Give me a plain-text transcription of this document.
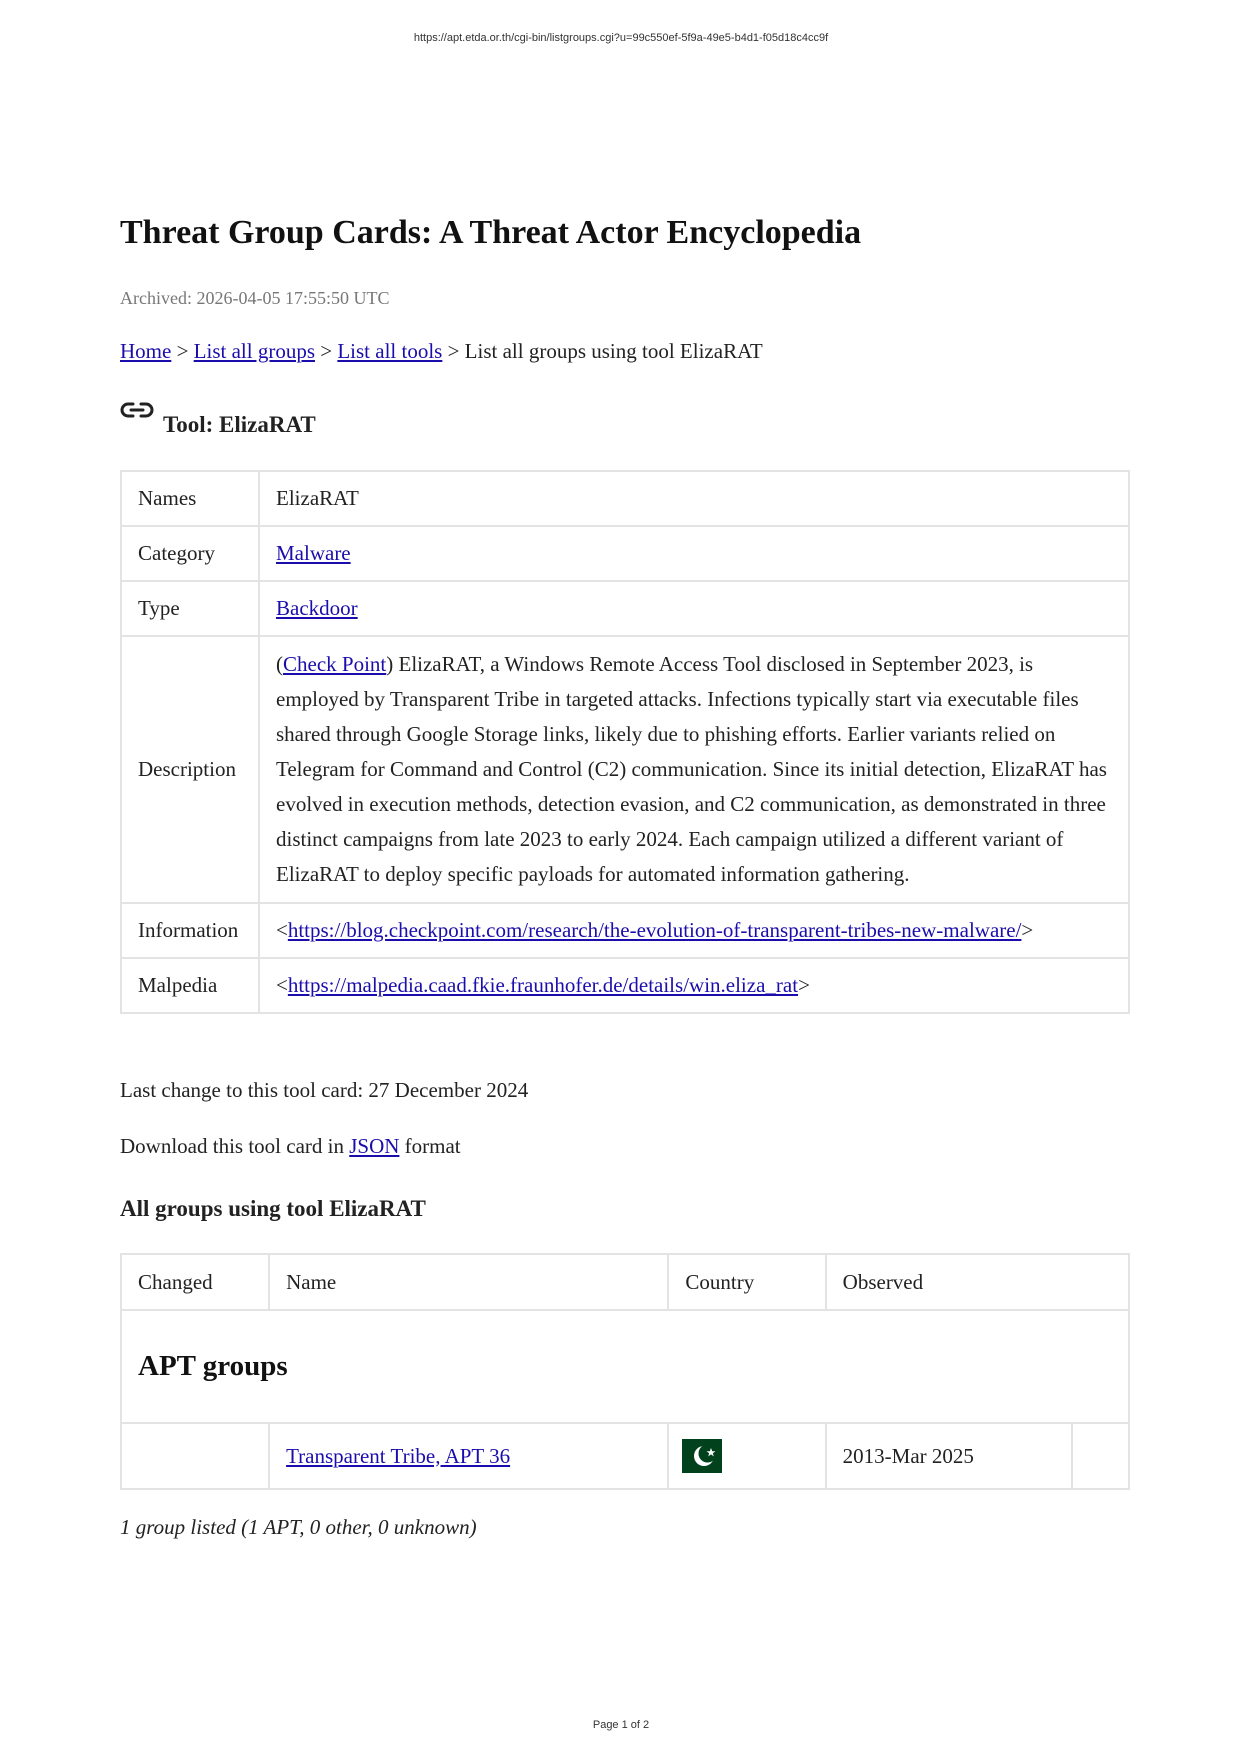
https://apt.etda.or.th/cgi-bin/listgroups.cgi?u=99c550ef-5f9a-49e5-b4d1-f05d18c4cc9f
Threat Group Cards: A Threat Actor Encyclopedia
Archived: 2026-04-05 17:55:50 UTC
Home > List all groups > List all tools > List all groups using tool ElizaRAT
Tool: ElizaRAT
Names	ElizaRAT
Category	Malware
Type	Backdoor
Description	(Check Point) ElizaRAT, a Windows Remote Access Tool disclosed in September 2023, is employed by Transparent Tribe in targeted attacks. Infections typically start via executable files shared through Google Storage links, likely due to phishing efforts. Earlier variants relied on Telegram for Command and Control (C2) communication. Since its initial detection, ElizaRAT has evolved in execution methods, detection evasion, and C2 communication, as demonstrated in three distinct campaigns from late 2023 to early 2024. Each campaign utilized a different variant of ElizaRAT to deploy specific payloads for automated information gathering.
Information	<https://blog.checkpoint.com/research/the-evolution-of-transparent-tribes-new-malware/>
Malpedia	<https://malpedia.caad.fkie.fraunhofer.de/details/win.eliza_rat>
Last change to this tool card: 27 December 2024
Download this tool card in JSON format
All groups using tool ElizaRAT
Changed	Name	Country	Observed	
APT groups				
	Transparent Tribe, APT 36		2013-Mar 2025	
1 group listed (1 APT, 0 other, 0 unknown)
Page 1 of 2
